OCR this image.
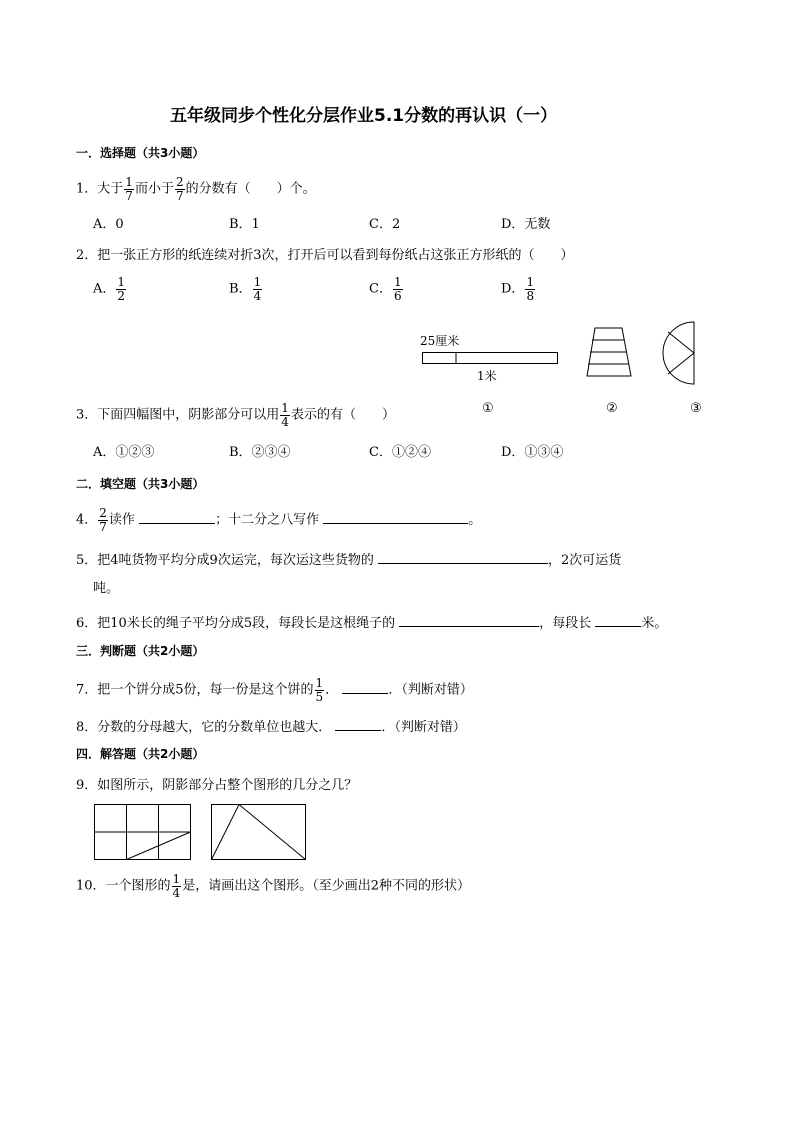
五年级同步个性化分层作业5.1分数的再认识（一）
一．选择题（共3小题）
1．大于 $\frac{1}{7}$ 而小于 $\frac{2}{7}$ 的分数有（　　）个。
A．0	B．1	C．2	D．无数
2．把一张正方形的纸连续对折3次，打开后可以看到每份纸占这张正方形纸的（　　）
A． $\frac{1}{2}$	B． $\frac{1}{4}$	C． $\frac{1}{6}$	D． $\frac{1}{8}$
25厘米
1米
①	②	③
3．下面四幅图中，阴影部分可以用 $\frac{1}{4}$ 表示的有（　　）
A．①②③	B．②③④	C．①②④	D．①③④
二．填空题（共3小题）
4． $\frac{2}{7}$ 读作	；十二分之八写作	。
5．把4吨货物平均分成9次运完，每次运这些货物的	，2次可运货
吨。
6．把10米长的绳子平均分成5段，每段长是这根绳子的	，每段长	米。
三．判断题（共2小题）
7．把一个饼分成5份，每一份是这个饼的 $\frac{1}{5}$ ．	．（判断对错）
8．分数的分母越大，它的分数单位也越大．	．（判断对错）
四．解答题（共2小题）
9．如图所示，阴影部分占整个图形的几分之几？
10．一个图形的 $\frac{1}{4}$ 是，请画出这个图形。（至少画出2种不同的形状）
